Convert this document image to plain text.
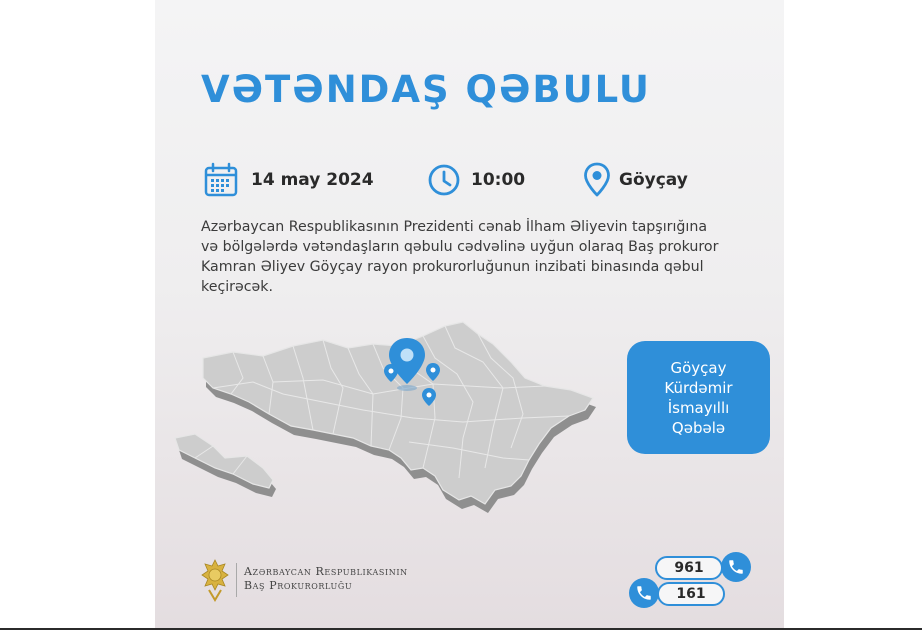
VƏTƏNDAŞ QƏBULU
14 may 2024	10:00	Göyçay

Azərbaycan Respublikasının Prezidenti cənab İlham Əliyevin tapşırığına və bölgələrdə vətəndaşların qəbulu cədvəlinə uyğun olaraq Baş prokuror Kamran Əliyev Göyçay rayon prokurorluğunun inzibati binasında qəbul keçirəcək.

Göyçay
Kürdəmir
İsmayıllı
Qəbələ
Azərbaycan Respublikasının
Baş Prokurorluğu
961
161
